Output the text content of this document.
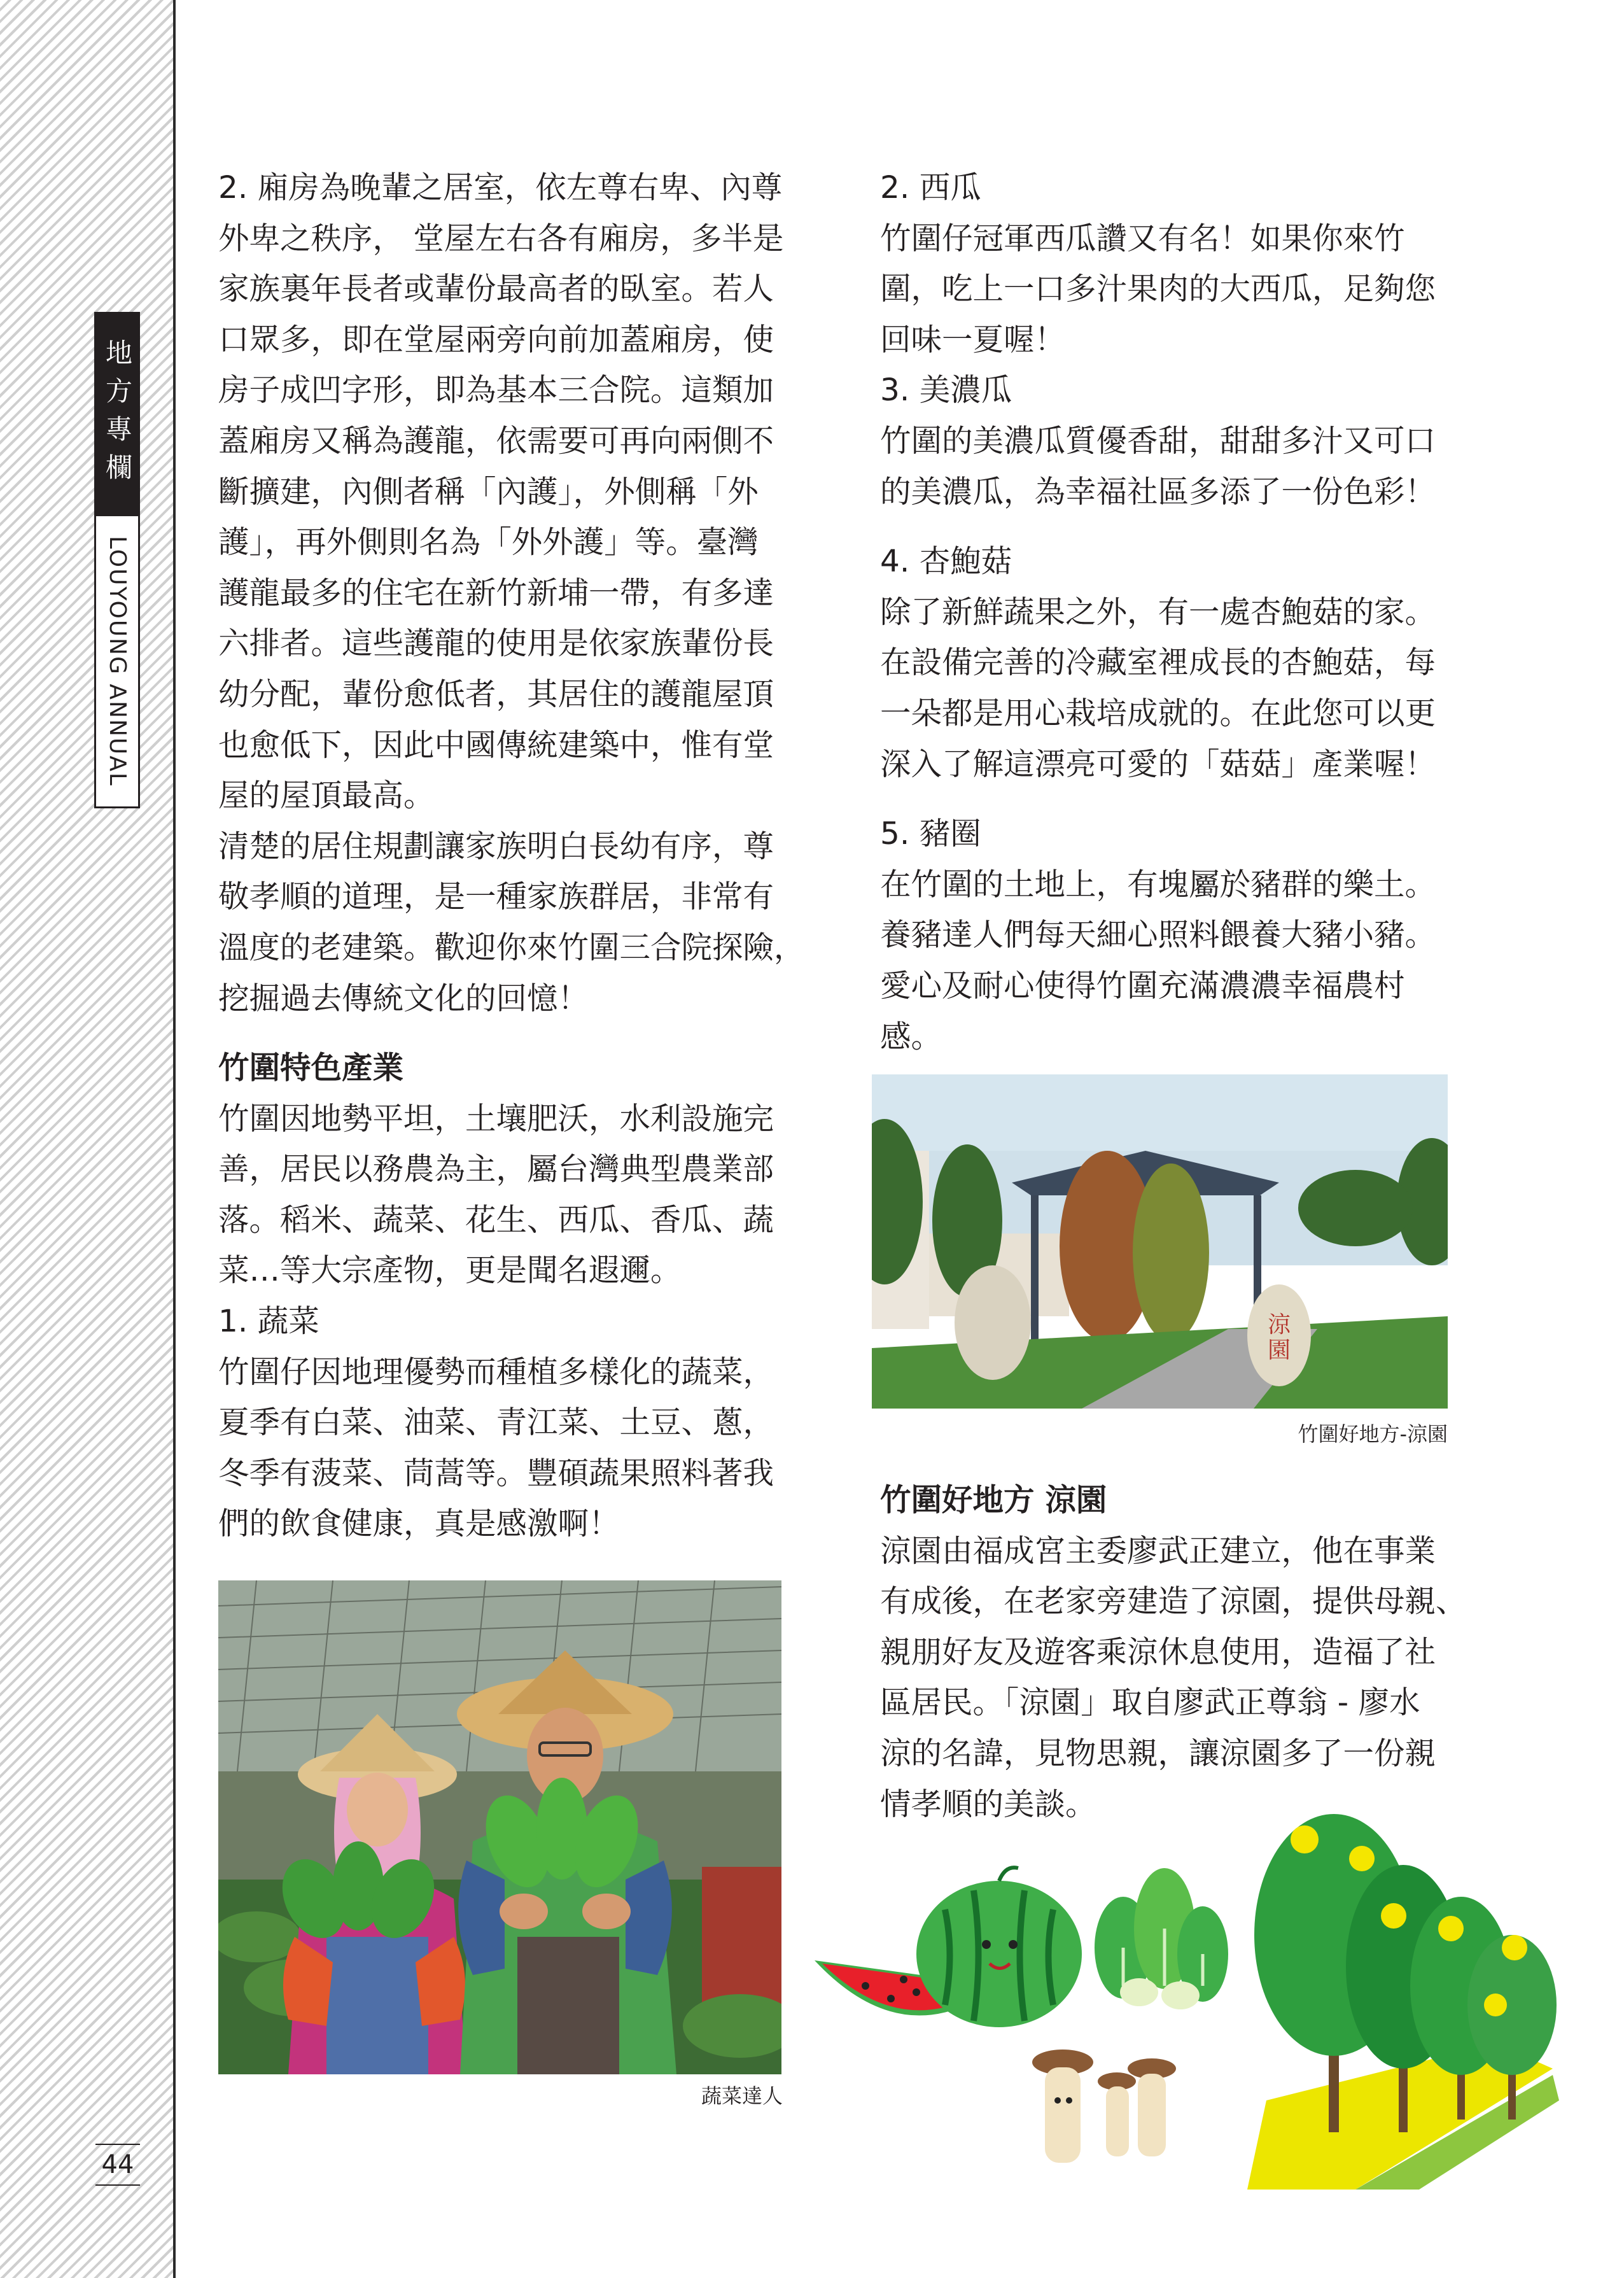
地方專欄
LOUYOUNG ANNUAL
44
2. 廂房為晚輩之居室，依左尊右卑、內尊
外卑之秩序， 堂屋左右各有廂房，多半是
家族裏年長者或輩份最高者的臥室。若人
口眾多，即在堂屋兩旁向前加蓋廂房，使
房子成凹字形，即為基本三合院。這類加
蓋廂房又稱為護龍，依需要可再向兩側不
斷擴建，內側者稱「內護」，外側稱「外
護」，再外側則名為「外外護」等。臺灣
護龍最多的住宅在新竹新埔一帶，有多達
六排者。這些護龍的使用是依家族輩份長
幼分配，輩份愈低者，其居住的護龍屋頂
也愈低下，因此中國傳統建築中，惟有堂
屋的屋頂最高。
清楚的居住規劃讓家族明白長幼有序，尊
敬孝順的道理，是一種家族群居，非常有
溫度的老建築。歡迎你來竹圍三合院探險，
挖掘過去傳統文化的回憶！
竹圍特色產業
竹圍因地勢平坦，土壤肥沃，水利設施完
善，居民以務農為主，屬台灣典型農業部
落。稻米、蔬菜、花生、西瓜、香瓜、蔬
菜…等大宗產物，更是聞名遐邇。
1. 蔬菜
竹圍仔因地理優勢而種植多樣化的蔬菜，
夏季有白菜、油菜、青江菜、土豆、蔥，
冬季有菠菜、茼蒿等。豐碩蔬果照料著我
們的飲食健康，真是感激啊！
蔬菜達人
2. 西瓜
竹圍仔冠軍西瓜讚又有名！如果你來竹
圍，吃上一口多汁果肉的大西瓜，足夠您
回味一夏喔！
3. 美濃瓜
竹圍的美濃瓜質優香甜，甜甜多汁又可口
的美濃瓜，為幸福社區多添了一份色彩！
4. 杏鮑菇
除了新鮮蔬果之外，有一處杏鮑菇的家。
在設備完善的冷藏室裡成長的杏鮑菇，每
一朵都是用心栽培成就的。在此您可以更
深入了解這漂亮可愛的「菇菇」產業喔！
5. 豬圈
在竹圍的土地上，有塊屬於豬群的樂土。
養豬達人們每天細心照料餵養大豬小豬。
愛心及耐心使得竹圍充滿濃濃幸福農村
感。
涼
園
竹圍好地方-涼園
竹圍好地方 涼園
涼園由福成宮主委廖武正建立，他在事業
有成後，在老家旁建造了涼園，提供母親、
親朋好友及遊客乘涼休息使用，造福了社
區居民。「涼園」取自廖武正尊翁 - 廖水
涼的名諱，見物思親，讓涼園多了一份親
情孝順的美談。
